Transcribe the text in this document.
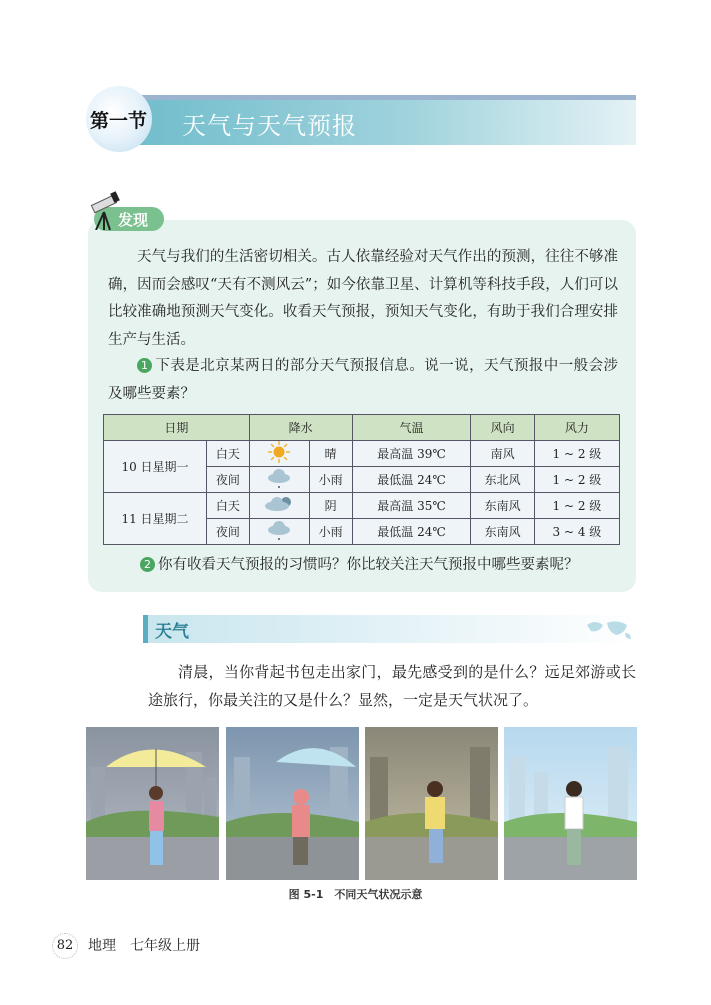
第一节 天气与天气预报
发现

天气与我们的生活密切相关。古人依靠经验对天气作出的预测，往往不够准确，因而会感叹“天有不测风云”；如今依靠卫星、计算机等科技手段，人们可以比较准确地预测天气变化。收看天气预报，预知天气变化，有助于我们合理安排生产与生活。

1 下表是北京某两日的部分天气预报信息。说一说，天气预报中一般会涉及哪些要素？

日期		降水		气温	风向	风力
10 日星期一	白天		晴	最高温 39℃	南风	1 ~ 2 级
	夜间		小雨	最低温 24℃	东北风	1 ~ 2 级
11 日星期二	白天		阴	最高温 35℃	东南风	1 ~ 2 级
	夜间		小雨	最低温 24℃	东南风	3 ~ 4 级

2 你有收看天气预报的习惯吗？你比较关注天气预报中哪些要素呢？

天气

清晨，当你背起书包走出家门，最先感受到的是什么？远足郊游或长途旅行，你最关注的又是什么？显然，一定是天气状况了。

图 5-1　不同天气状况示意
82	地理　七年级上册
